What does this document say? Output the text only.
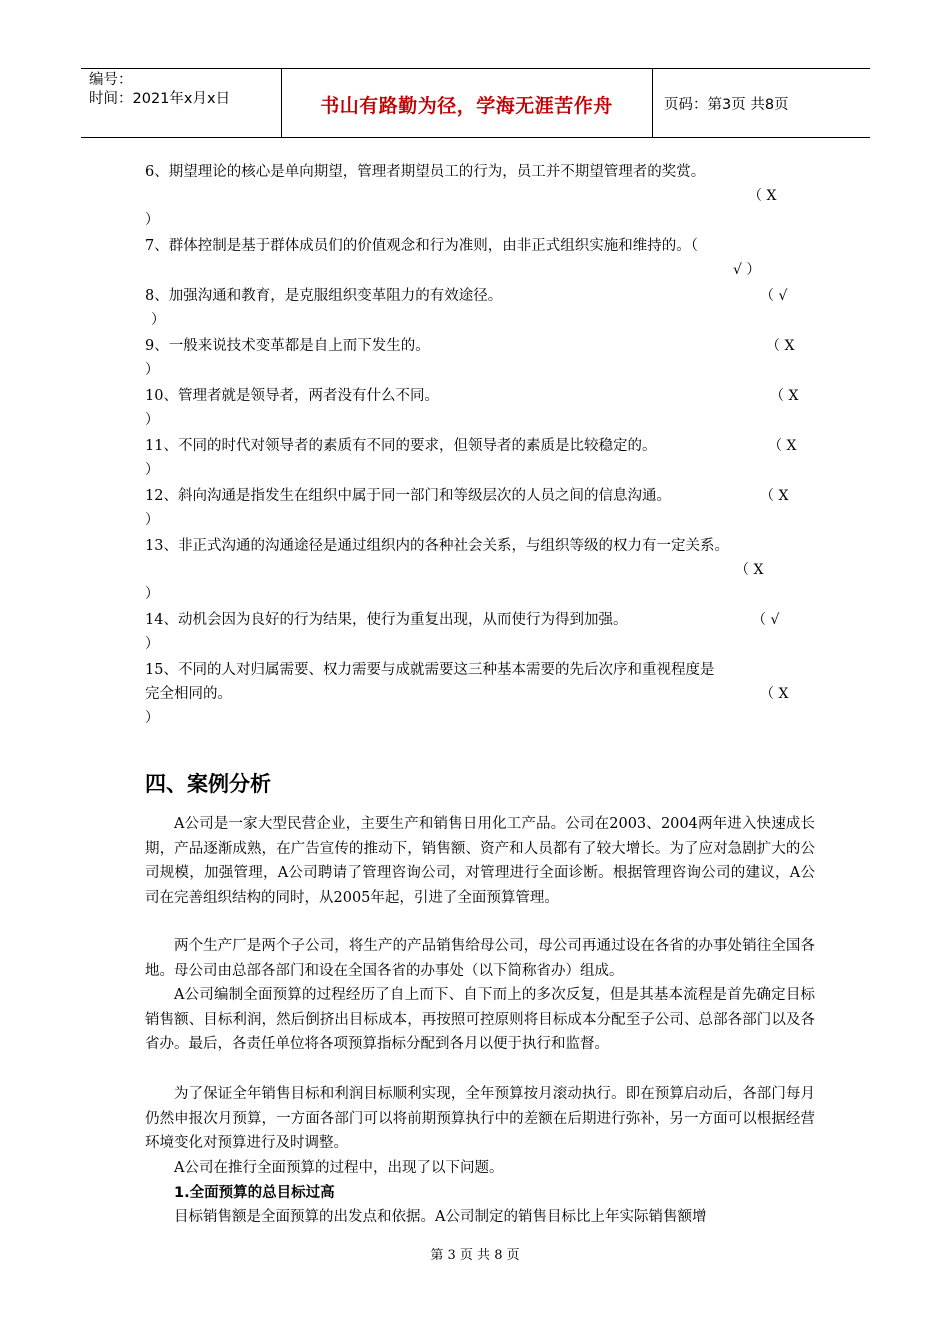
编号：
时间：2021年x月x日	书山有路勤为径，学海无涯苦作舟	页码：第3页 共8页
6、期望理论的核心是单向期望，管理者期望员工的行为，员工并不期望管理者的奖赏。
（ X
）
7、群体控制是基于群体成员们的价值观念和行为准则，由非正式组织实施和维持的。（
√ ）
8、加强沟通和教育，是克服组织变革阻力的有效途径。	（ √
）
9、一般来说技术变革都是自上而下发生的。	（ X
）
10、管理者就是领导者，两者没有什么不同。	（ X
）
11、不同的时代对领导者的素质有不同的要求，但领导者的素质是比较稳定的。	（ X
）
12、斜向沟通是指发生在组织中属于同一部门和等级层次的人员之间的信息沟通。	（ X
）
13、非正式沟通的沟通途径是通过组织内的各种社会关系，与组织等级的权力有一定关系。
（ X
）
14、动机会因为良好的行为结果，使行为重复出现，从而使行为得到加强。	（ √
）
15、不同的人对归属需要、权力需要与成就需要这三种基本需要的先后次序和重视程度是
完全相同的。	（ X
）
四、案例分析
A公司是一家大型民营企业，主要生产和销售日用化工产品。公司在2003、2004两年进入快速成长期，产品逐渐成熟，在广告宣传的推动下，销售额、资产和人员都有了较大增长。为了应对急剧扩大的公司规模，加强管理，A公司聘请了管理咨询公司，对管理进行全面诊断。根据管理咨询公司的建议，A公司在完善组织结构的同时，从2005年起，引进了全面预算管理。
两个生产厂是两个子公司，将生产的产品销售给母公司，母公司再通过设在各省的办事处销往全国各地。母公司由总部各部门和设在全国各省的办事处（以下简称省办）组成。
A公司编制全面预算的过程经历了自上而下、自下而上的多次反复，但是其基本流程是首先确定目标销售额、目标利润，然后倒挤出目标成本，再按照可控原则将目标成本分配至子公司、总部各部门以及各省办。最后，各责任单位将各项预算指标分配到各月以便于执行和监督。
为了保证全年销售目标和利润目标顺利实现，全年预算按月滚动执行。即在预算启动后，各部门每月仍然申报次月预算，一方面各部门可以将前期预算执行中的差额在后期进行弥补，另一方面可以根据经营环境变化对预算进行及时调整。
A公司在推行全面预算的过程中，出现了以下问题。
1.全面预算的总目标过高
目标销售额是全面预算的出发点和依据。A公司制定的销售目标比上年实际销售额增
第 3 页 共 8 页
